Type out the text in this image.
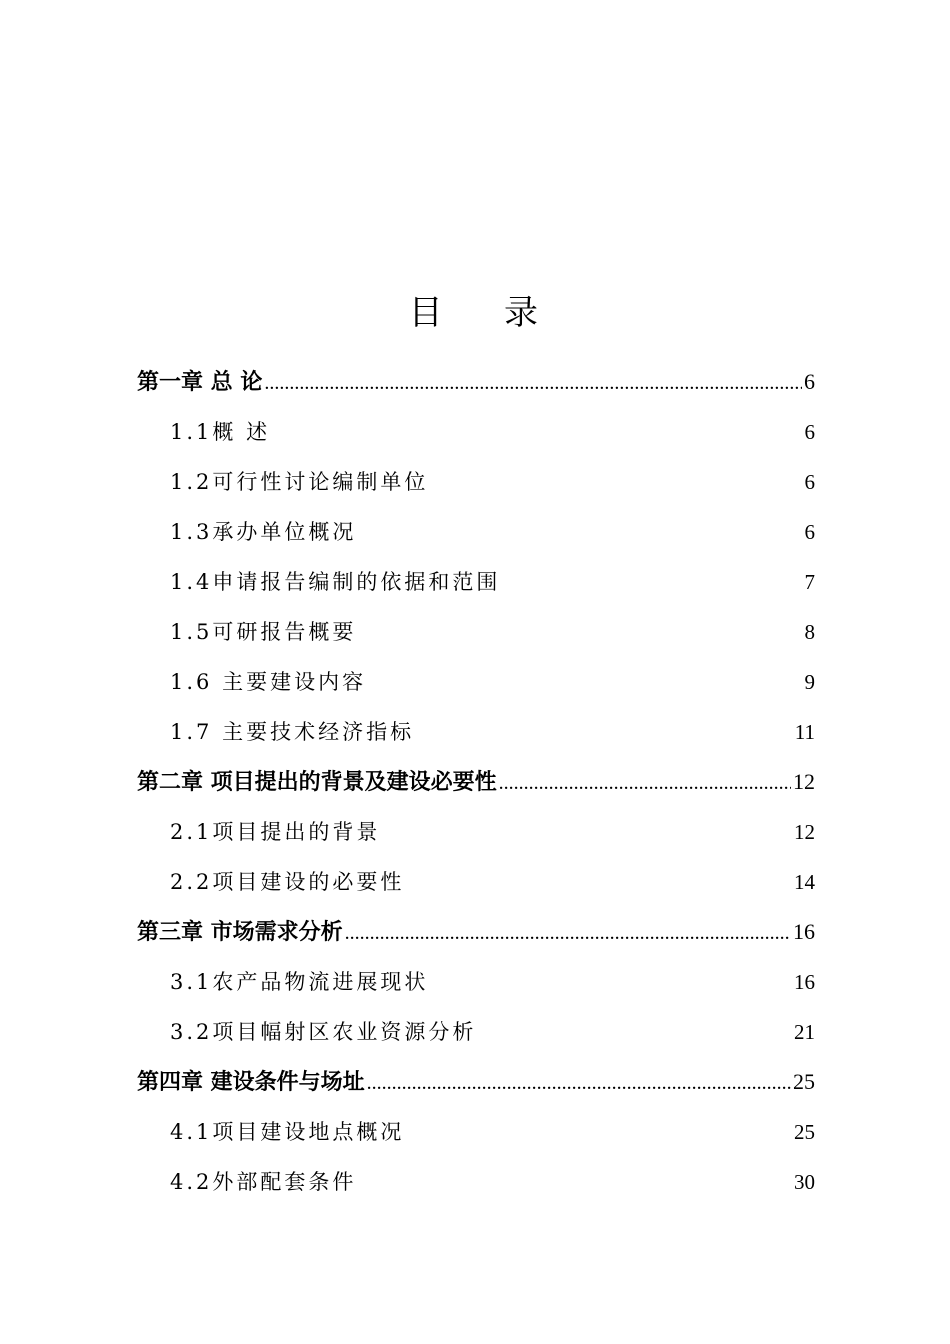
目 录
第一章 总 论 .....	6
1.1概 述	6
1.2可行性讨论编制单位	6
1.3承办单位概况	6
1.4申请报告编制的依据和范围	7
1.5可研报告概要	8
1.6 主要建设内容	9
1.7 主要技术经济指标	11
第二章 项目提出的背景及建设必要性 .....	12
2.1项目提出的背景	12
2.2项目建设的必要性	14
第三章 市场需求分析 .....	16
3.1农产品物流进展现状	16
3.2项目幅射区农业资源分析	21
第四章 建设条件与场址 .....	25
4.1项目建设地点概况	25
4.2外部配套条件	30
